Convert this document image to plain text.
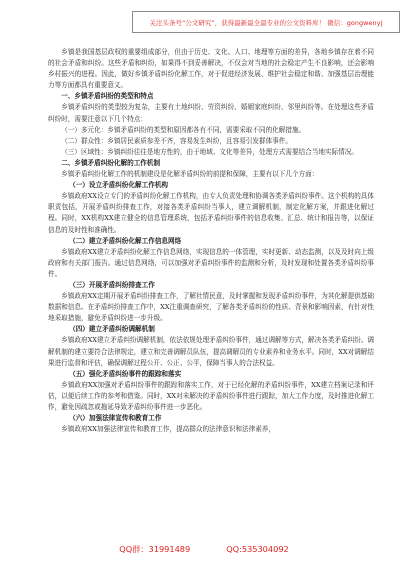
关注头条号“公文研究”，获得最新最全最专业的公文资料库！ 微信：gongwenyj

乡镇是我国基层政权的重要组成部分，但由于历史、文化、人口、地理等方面的差异，各地乡镇存在着不同的社会矛盾和纠纷。这些矛盾和纠纷，如果得不到妥善解决，不仅会对当地的社会稳定产生不良影响，还会影响乡村振兴的进程。因此，做好乡镇矛盾纠纷化解工作，对于促进经济发展、维护社会稳定和谐、加强基层治理能力等方面都具有重要意义。

一、乡镇矛盾纠纷的类型和特点

乡镇矛盾纠纷的类型较为复杂，主要有土地纠纷、劳资纠纷、婚姻家庭纠纷、邻里纠纷等。在处理这些矛盾纠纷时，需要注意以下几个特点：

（一）多元化：乡镇矛盾纠纷的类型和原因都各有不同，需要采取不同的化解措施。

（二）群众性：乡镇居民素质参差不齐，容易发生纠纷，且容易引发群体事件。

（三）区域性：乡镇纠纷往往是地方性的，由于地域、文化等差异，处理方式需要结合当地实际情况。

二、乡镇矛盾纠纷化解的工作机制

乡镇矛盾纠纷化解工作的机制建设是化解矛盾纠纷的前提和保障，主要有以下几个方面：

（一）设立矛盾纠纷化解工作机构

乡镇政府XX设立专门的矛盾纠纷化解工作机构，由专人负责处理和协调各类矛盾纠纷事件。这个机构的具体职责包括，开展矛盾纠纷排查工作，对接各类矛盾纠纷当事人，建立调解机制，制定化解方案，并跟进化解过程。同时，XX机构XX建立健全的信息管理系统，包括矛盾纠纷事件的信息收集、汇总、统计和报告等，以保证信息的及时性和准确性。

（二）建立矛盾纠纷化解工作信息网络

乡镇政府XX建立矛盾纠纷化解工作信息网络，实现信息的一体管理，实时更新、动态监测，以及及时向上级政府和有关部门报告。通过信息网络，可以加强对矛盾纠纷事件的监测和分析，及时发现和处置各类矛盾纠纷事件。

（三）开展矛盾纠纷排查工作

乡镇政府XX定期开展矛盾纠纷排查工作，了解社情民意，及时掌握和发现矛盾纠纷事件，为其化解提供基础数据和信息。在矛盾纠纷排查工作中，XX注重调查研究，了解各类矛盾纠纷的性质、背景和影响因素，有针对性地采取措施，避免矛盾纠纷进一步升级。

（四）建立矛盾纠纷调解机制

乡镇政府XX建立矛盾纠纷调解机制，依法依规处理矛盾纠纷事件，通过调解等方式，解决各类矛盾纠纷。调解机制的建立要符合法律规定，建立和完善调解员队伍，提高调解员的专业素养和业务水平。同时，XX对调解结果进行监督和评估，确保调解过程公开、公正、公平，保障当事人的合法权益。

（五）强化矛盾纠纷事件的跟踪和落实

乡镇政府XX加强对矛盾纠纷事件的跟踪和落实工作，对于已经化解的矛盾纠纷事件，XX建立档案记录和评估，以便后续工作的参考和借鉴。同时，XX对未解决的矛盾纠纷事件进行跟踪，加大工作力度，及时推进化解工作，避免因疏忽或拖延导致矛盾纠纷事件进一步恶化。

（六）加强法律宣传和教育工作

乡镇政府XX加强法律宣传和教育工作，提高群众的法律意识和法律素养，

QQ群：31991489	QQ:535304092
